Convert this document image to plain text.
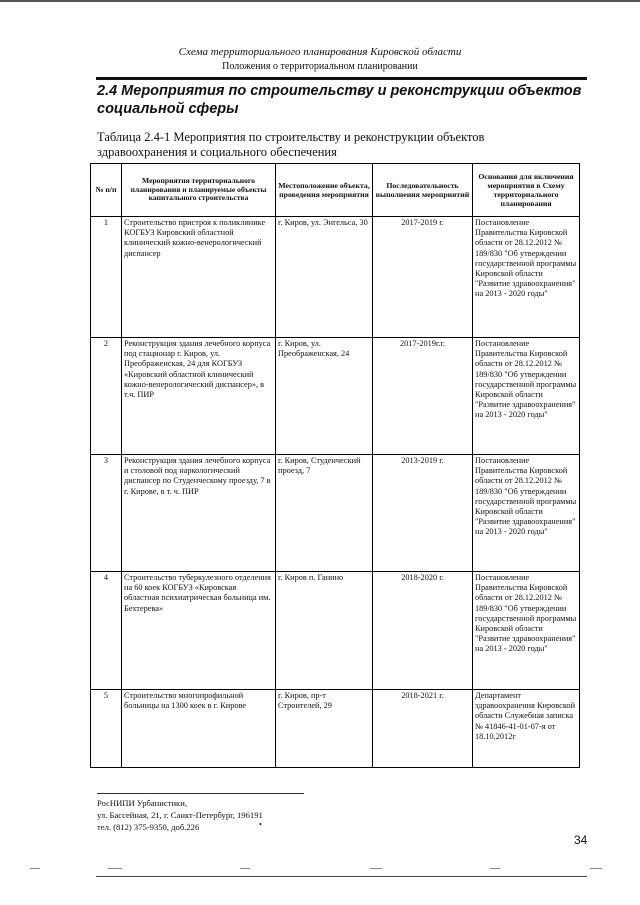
Схема территориального планирования Кировской области
Положения о территориальном планировании
2.4 Мероприятия по строительству и реконструкции объектов социальной сферы

Таблица 2.4-1 Мероприятия по строительству и реконструкции объектов здравоохранения и социального обеспечения

№ п/п	Мероприятия территориального планирования и планируемые объекты капитального строительства	Местоположение объекта, проведения мероприятия	Последовательность выполнения мероприятий	Основания для включения мероприятия в Схему территориального планирования
1	Строительство пристроя к поликлинике КОГБУЗ Кировский областной клинический кожно-венерологический диспансер	г. Киров, ул. Энгельса, 30	2017-2019 г.	Постановление Правительства Кировской области от 28.12.2012 № 189/830 "Об утверждении государственной программы Кировской области "Развитие здравоохранения" на 2013 - 2020 годы"
2	Реконструкция здания лечебного корпуса под стационар г. Киров, ул. Преображенская, 24 для КОГБУЗ «Кировский областной клинический кожно-венерологический диспансер», в т.ч. ПИР	г. Киров, ул. Преображенская, 24	2017-2019г.г.	Постановление Правительства Кировской области от 28.12.2012 № 189/830 "Об утверждении государственной программы Кировской области "Развитие здравоохранения" на 2013 - 2020 годы"
3	Реконструкция здания лечебного корпуса и столовой под наркологический диспансер по Студенческому проезду, 7 в г. Кирове, в т. ч. ПИР	г. Киров, Студенческий проезд, 7	2013-2019 г.	Постановление Правительства Кировской области от 28.12.2012 № 189/830 "Об утверждении государственной программы Кировской области "Развитие здравоохранения" на 2013 - 2020 годы"
4	Строительство туберкулезного отделения на 60 коек КОГБУЗ «Кировская областная психиатрическая больница им. Бехтерева»	г. Киров п. Ганино	2018-2020 г.	Постановление Правительства Кировской области от 28.12.2012 № 189/830 "Об утверждении государственной программы Кировской области "Развитие здравоохранения" на 2013 - 2020 годы"
5	Строительство многопрофильной больницы на 1300 коек в г. Кирове	г. Киров, пр-т Строителей, 29	2018-2021 г.	Департамент здравоохранения Кировской области Служебная записка № 41846-41-01-07-я от 18.10.2012г
РосНИПИ Урбанистики,
ул. Бассейная, 21, г. Санкт-Петербург, 196191
тел. (812) 375-9350, доб.226	•
34
